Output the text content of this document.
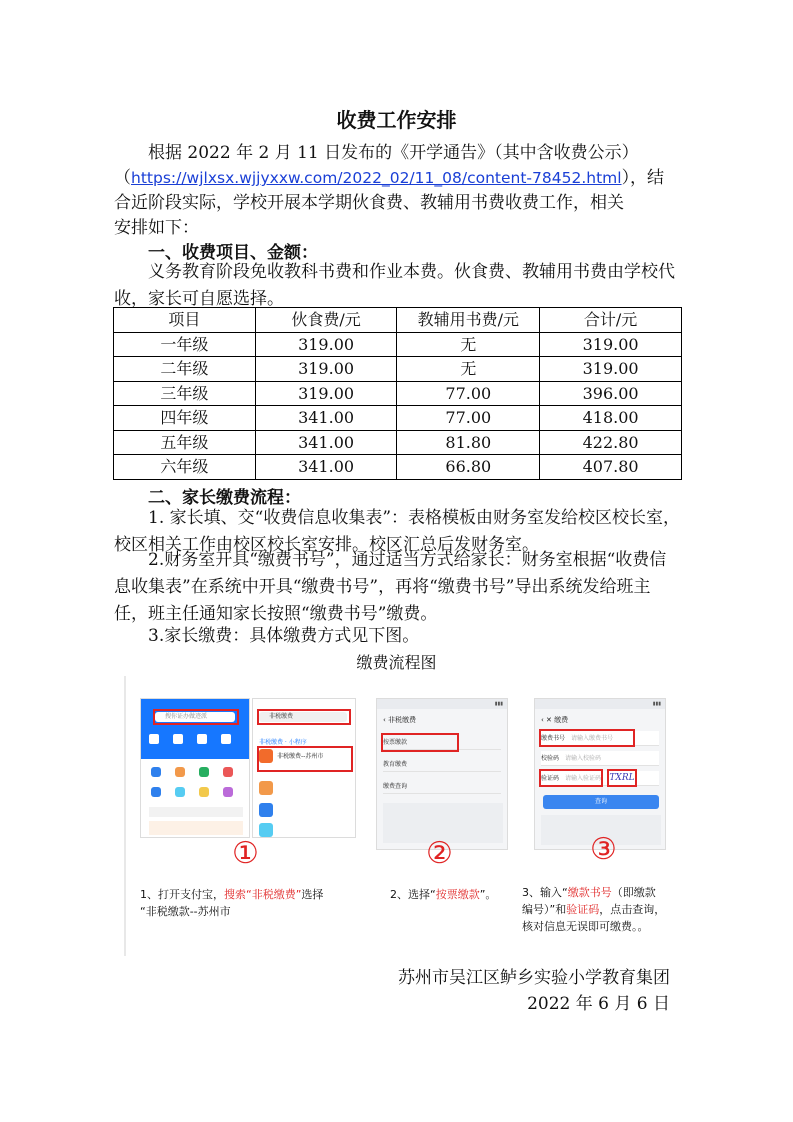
收费工作安排
根据 2022 年 2 月 11 日发布的《开学通告》（其中含收费公示）
（https://wjlxsx.wjjyxxw.com/2022_02/11_08/content-78452.html），结
合近阶段实际，学校开展本学期伙食费、教辅用书费收费工作，相关
安排如下：
一、收费项目、金额：
义务教育阶段免收教科书费和作业本费。伙食费、教辅用书费由学校代收，家长可自愿选择。
项目	伙食费/元	教辅用书费/元	合计/元
一年级	319.00	无	319.00
二年级	319.00	无	319.00
三年级	319.00	77.00	396.00
四年级	341.00	77.00	418.00
五年级	341.00	81.80	422.80
六年级	341.00	66.80	407.80
二、家长缴费流程：
1. 家长填、交“收费信息收集表”：表格模板由财务室发给校区校长室，校区相关工作由校区校长室安排。校区汇总后发财务室。
2.财务室开具“缴费书号”，通过适当方式给家长：财务室根据“收费信息收集表”在系统中开具“缴费书号”，再将“缴费书号”导出系统发给班主任，班主任通知家长按照“缴费书号”缴费。
3.家长缴费：具体缴费方式见下图。
缴费流程图
搜你证办做迹派	非税缴费
非税缴费 · 小程序
非税缴费--苏州市
▮▮▮
‹ 非税缴费
按票缴款
教育缴费
缴费查询
▮▮▮
‹ ✕ 缴费
缴费书号　 请输入缴费书号
校验码　 请输入校验码
验证码　 请输入验证码 TXRL
查询
①	②	③
1、打开支付宝，搜索“非税缴费”选择
“非税缴款--苏州市
2、选择“按票缴款”。	3、输入“缴款书号（即缴款
编号）”和验证码，点击查询，
核对信息无误即可缴费。。
苏州市吴江区鲈乡实验小学教育集团
2022 年 6 月 6 日
